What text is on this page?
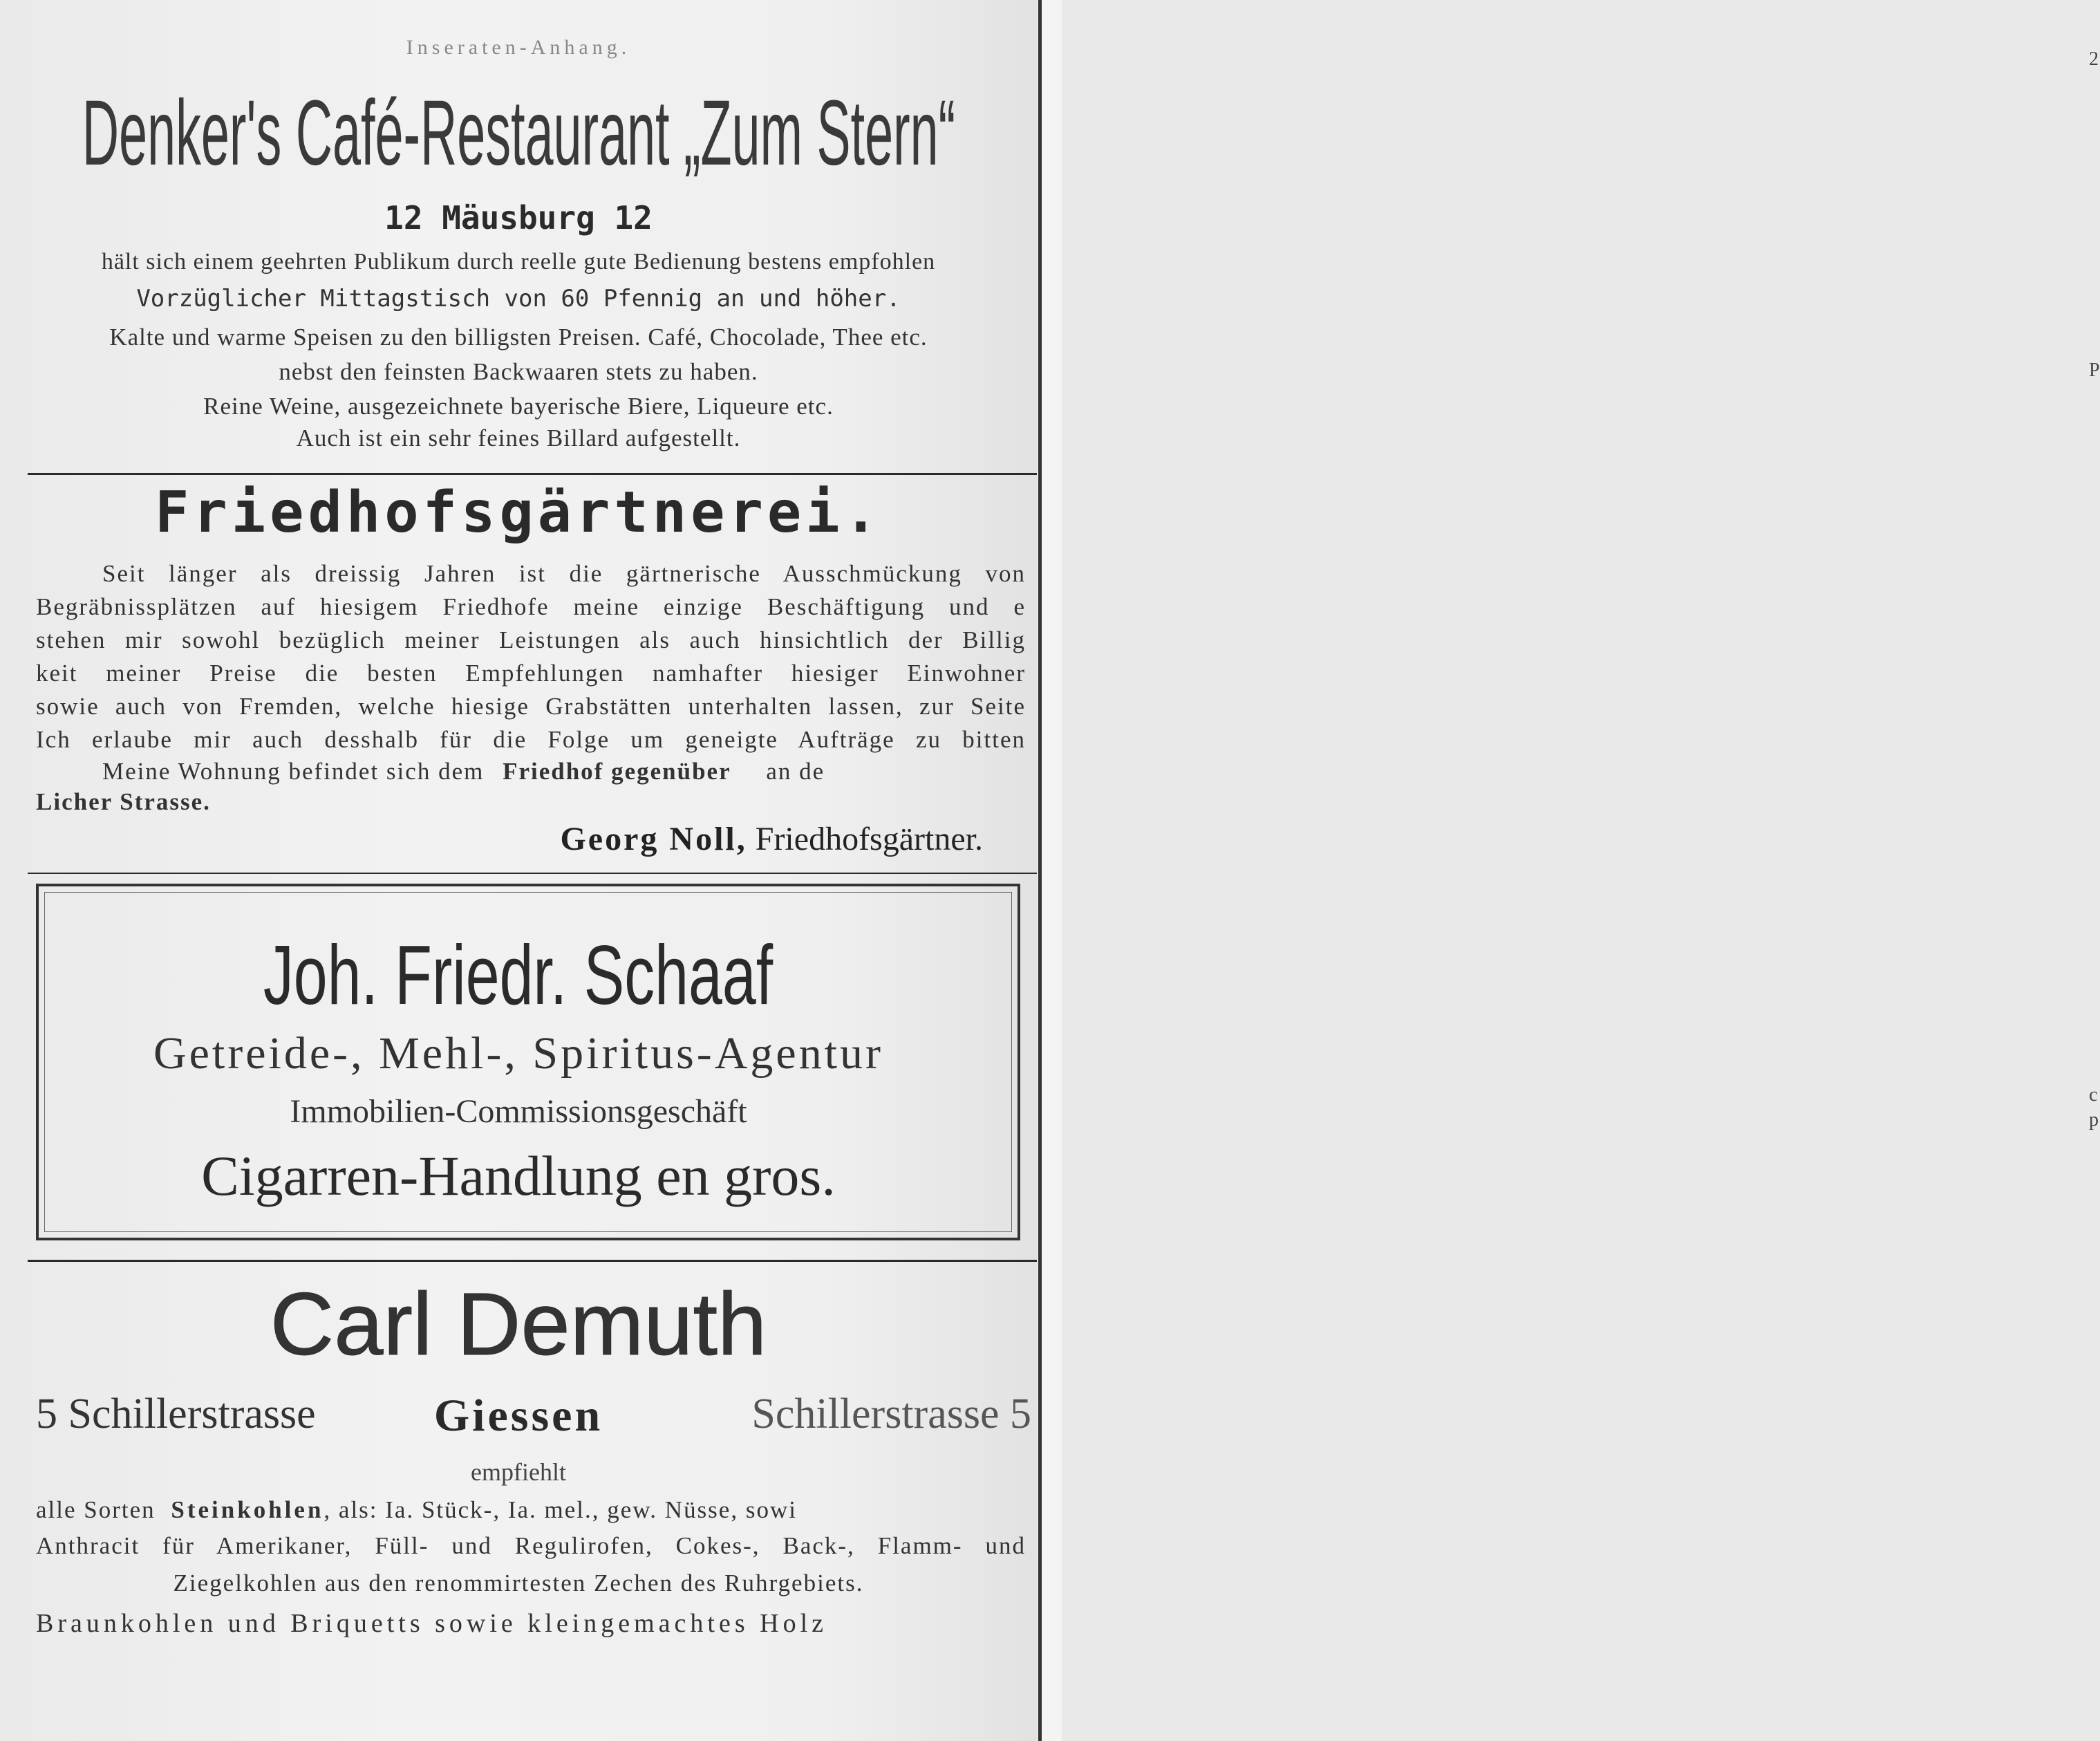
Inseraten-Anhang.
Denker's Café-Restaurant „Zum Stern“
12 Mäusburg 12
hält sich einem geehrten Publikum durch reelle gute Bedienung bestens empfohlen
Vorzüglicher Mittagstisch von 60 Pfennig an und höher.
Kalte und warme Speisen zu den billigsten Preisen. Café, Chocolade, Thee etc.
nebst den feinsten Backwaaren stets zu haben.
Reine Weine, ausgezeichnete bayerische Biere, Liqueure etc.
Auch ist ein sehr feines Billard aufgestellt.
Friedhofsgärtnerei.
Seit länger als dreissig Jahren ist die gärtnerische Ausschmückung von
Begräbnissplätzen auf hiesigem Friedhofe meine einzige Beschäftigung und e
stehen mir sowohl bezüglich meiner Leistungen als auch hinsichtlich der Billig
keit meiner Preise die besten Empfehlungen namhafter hiesiger Einwohner
sowie auch von Fremden, welche hiesige Grabstätten unterhalten lassen, zur Seite
Ich erlaube mir auch desshalb für die Folge um geneigte Aufträge zu bitten
Meine Wohnung befindet sich dem Friedhof gegenüber an de
Licher Strasse.
Georg Noll, Friedhofsgärtner.
Joh. Friedr. Schaaf
Getreide-, Mehl-, Spiritus-Agentur
Immobilien-Commissionsgeschäft
Cigarren-Handlung en gros.
Carl Demuth
Giessen
5 Schillerstrasse	Schillerstrasse 5
empfiehlt
alle Sorten Steinkohlen, als: Ia. Stück-, Ia. mel., gew. Nüsse, sowi
Anthracit für Amerikaner, Füll- und Regulirofen, Cokes-, Back-, Flamm- und
Ziegelkohlen aus den renommirtesten Zechen des Ruhrgebiets.
Braunkohlen und Briquetts sowie kleingemachtes Holz
2
P
c
p
